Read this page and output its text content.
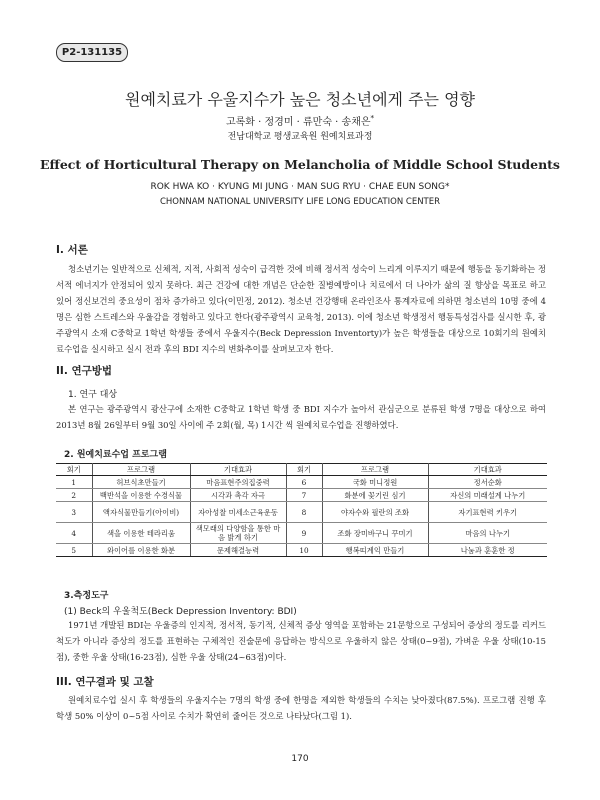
P2-131135
원예치료가 우울지수가 높은 청소년에게 주는 영향
고록화 · 정경미 · 류만숙 · 송채은*
전남대학교 평생교육원 원예치료과정
Effect of Horticultural Therapy on Melancholia of Middle School Students
ROK HWA KO · KYUNG MI JUNG · MAN SUG RYU · CHAE EUN SONG*
CHONNAM NATIONAL UNIVERSITY LIFE LONG EDUCATION CENTER
I. 서론

청소년기는 일반적으로 신체적, 지적, 사회적 성숙이 급격한 것에 비해 정서적 성숙이 느리게 이루지기 때문에 행동을 동기화하는 정서적 에너지가 안정되어 있지 못하다. 최근 건강에 대한 개념은 단순한 질병예방이나 치료에서 더 나아가 삶의 질 향상을 목표로 하고 있어 정신보건의 중요성이 점차 증가하고 있다(이민정, 2012). 청소년 건강행태 온라인조사 통계자료에 의하면 청소년의 10명 중에 4명은 심한 스트레스와 우울감을 경험하고 있다고 한다(광주광역시 교육청, 2013). 이에 청소년 학생정서 행동특성검사를 실시한 후, 광주광역시 소재 C중학교 1학년 학생들 중에서 우울지수(Beck Depression Inventorty)가 높은 학생들을 대상으로 10회기의 원예치료수업을 실시하고 실시 전과 후의 BDI 지수의 변화추이를 살펴보고자 한다.

II. 연구방법
1. 연구 대상

본 연구는 광주광역시 광산구에 소재한 C중학교 1학년 학생 중 BDI 지수가 높아서 관심군으로 분류된 학생 7명을 대상으로 하여 2013년 8월 26일부터 9월 30일 사이에 주 2회(월, 목) 1시간 씩 원예치료수업을 진행하였다.

2. 원예치료수업 프로그램
회기	프로그램	기대효과	회기	프로그램	기대효과
1	허브식초만들기	마음표현주의집중력	6	국화 미니정원	정서순화
2	백반석을 이용한 수경식물	시각과 촉각 자극	7	화분에 꽃기린 심기	자신의 미래설계 나누기
3	액자식물만들기(아이비)	자아성찰 미세소근육운동	8	야자수와 필란의 조화	자기표현력 키우기
4	색을 이용한 테라리움	색모래의 다양함을 통한 마음 밝게 하기	9	조화 장미바구니 꾸미기	마음의 나누기
5	와이어를 이용한 화분	문제해결능력	10	행복띠계익 만들기	나눔과 훈훈한 정
3.측정도구
(1) Beck의 우울척도(Beck Depression Inventory: BDI)

1971년 개발된 BDI는 우울증의 인지적, 정서적, 동기적, 신체적 증상 영역을 포함하는 21문항으로 구성되어 증상의 정도를 리커드 척도가 아니라 증상의 정도를 표현하는 구체적인 진술문에 응답하는 방식으로 우울하지 않은 상태(0~9점), 가벼운 우울 상태(10-15점), 중한 우울 상태(16-23점), 심한 우울 상태(24~63점)이다.

III. 연구결과 및 고찰

원예치료수업 실시 후 학생들의 우울지수는 7명의 학생 중에 한명을 제외한 학생들의 수치는 낮아졌다(87.5%). 프로그램 진행 후 학생 50% 이상이 0~5점 사이로 수치가 확연히 줄어든 것으로 나타났다(그림 1).

170
